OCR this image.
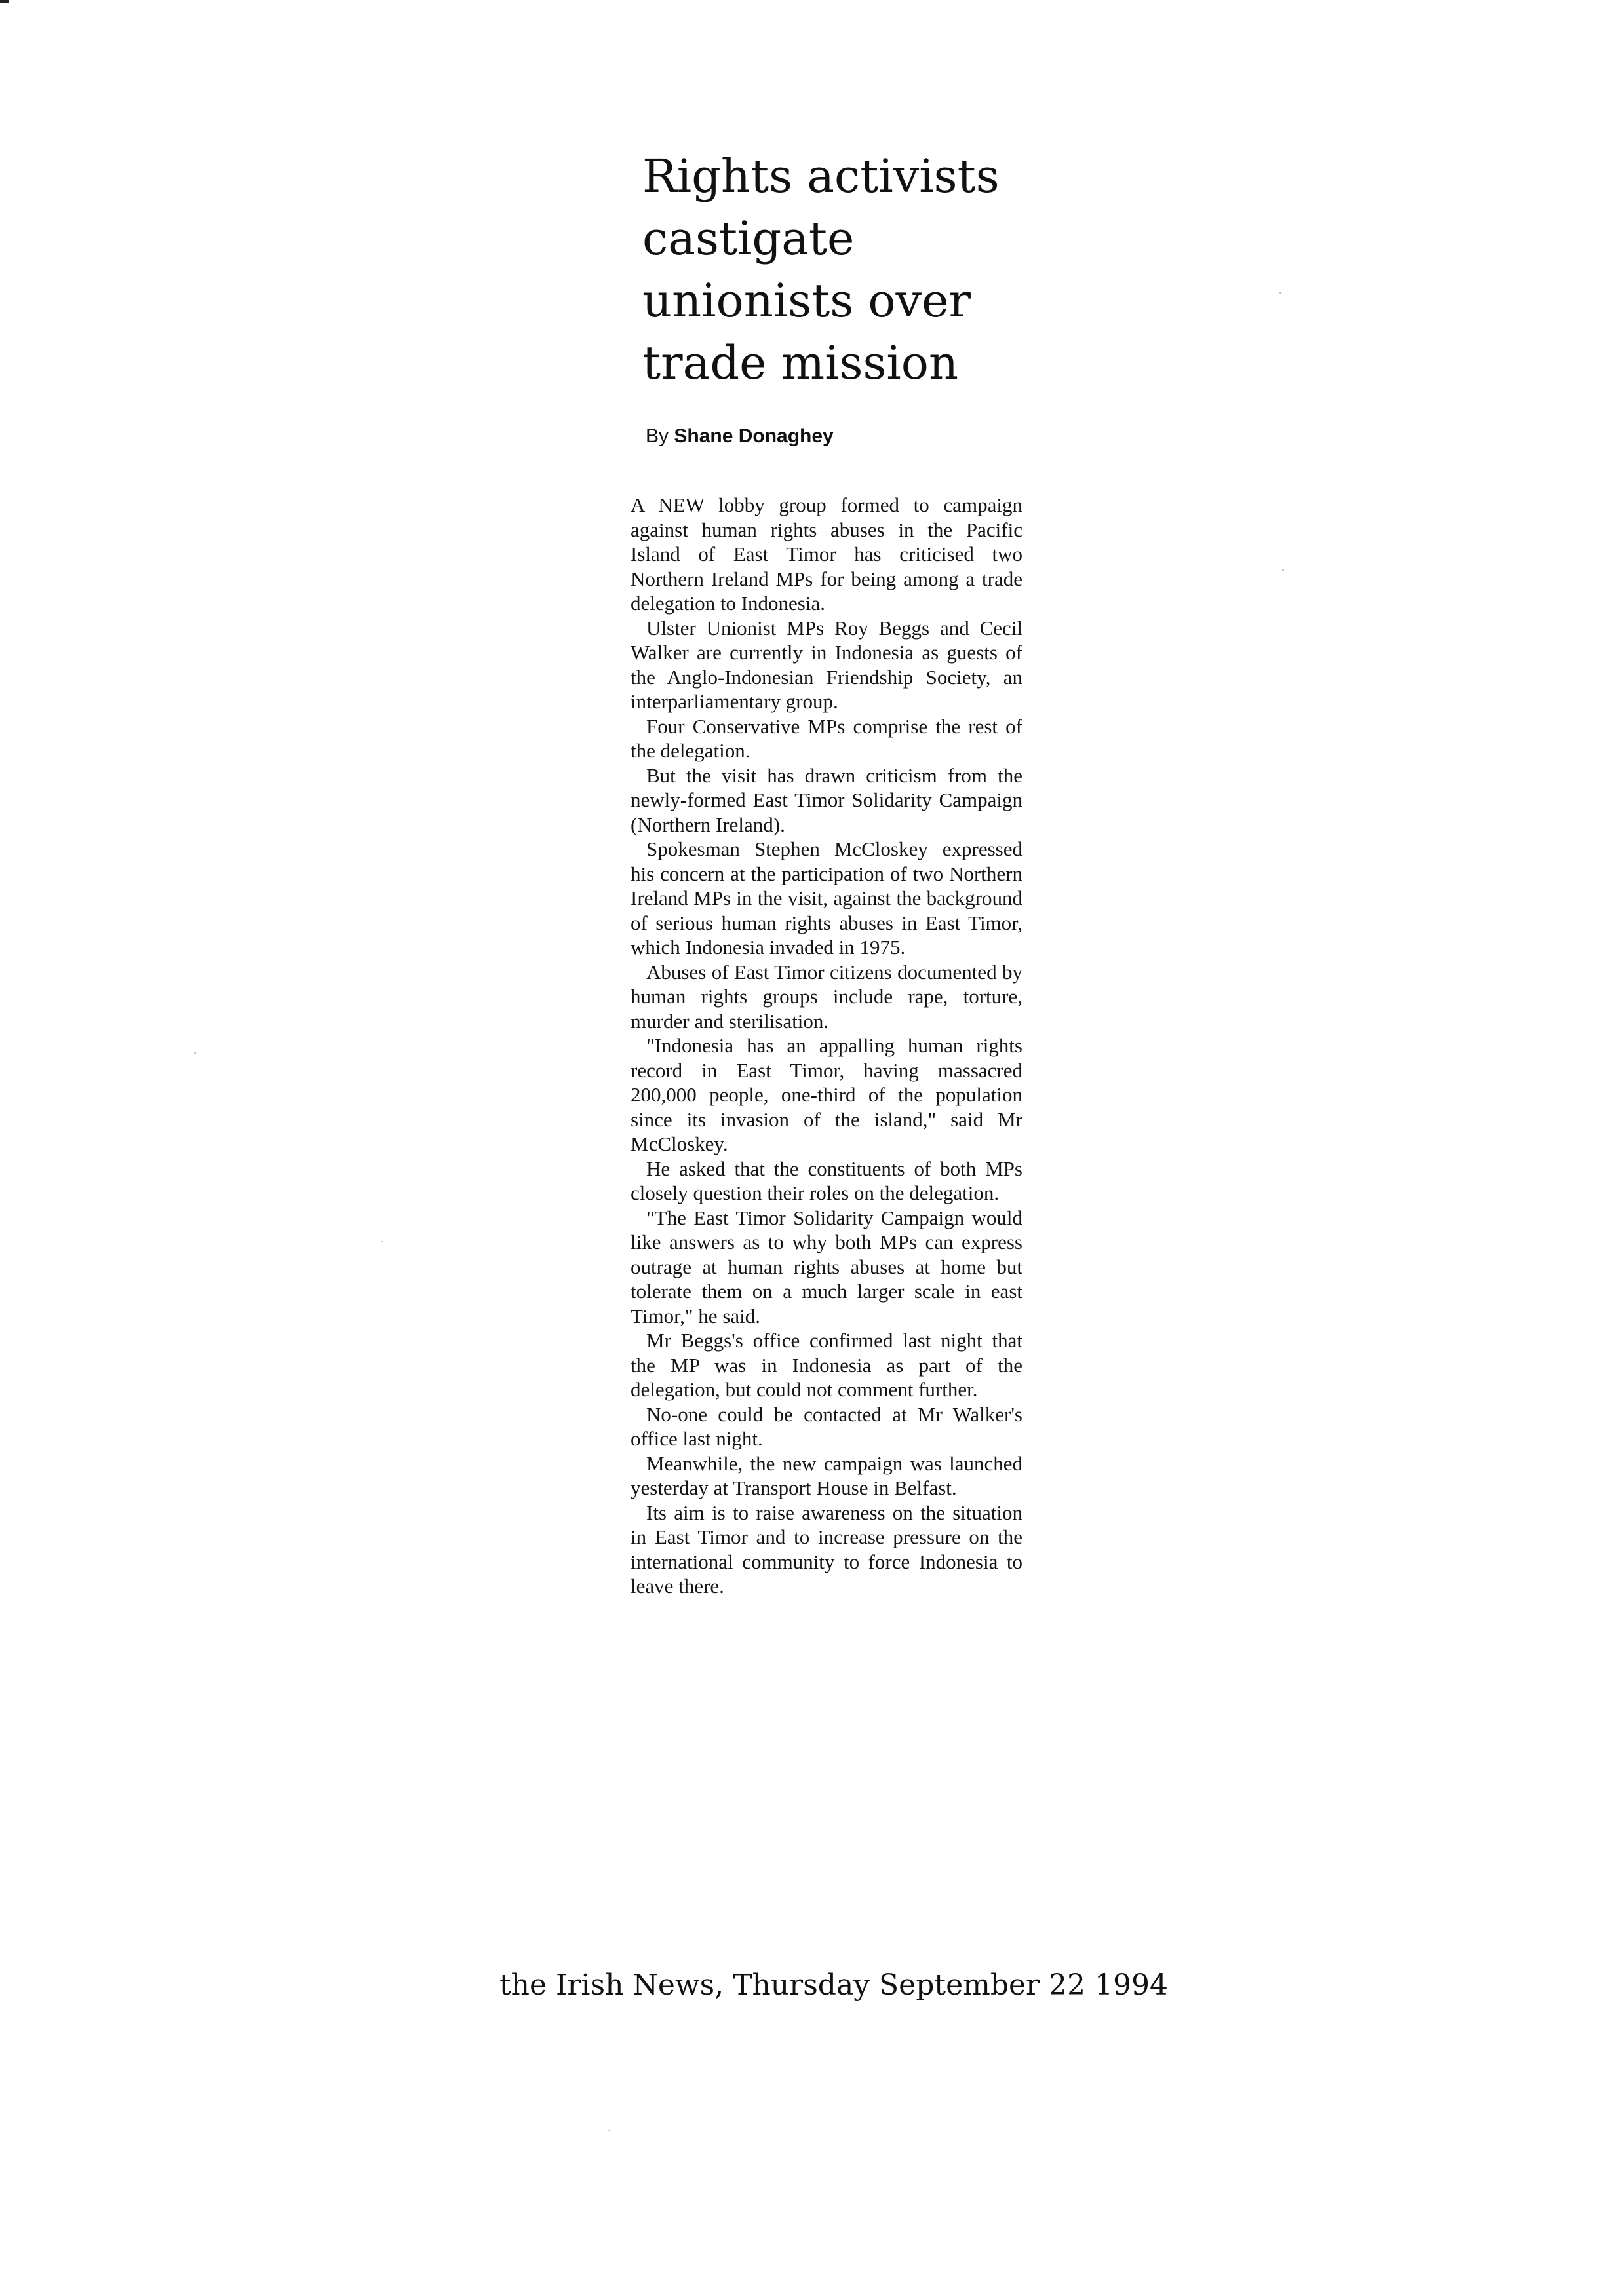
Rights activists castigate unionists over trade mission
By Shane Donaghey

A NEW lobby group formed to campaign against human rights abuses in the Pacific Island of East Timor has criticised two Northern Ireland MPs for being among a trade delegation to Indonesia.

Ulster Unionist MPs Roy Beggs and Cecil Walker are currently in Indonesia as guests of the Anglo-Indonesian Friendship Society, an interparliamentary group.

Four Conservative MPs comprise the rest of the delegation.

But the visit has drawn criticism from the newly-formed East Timor Solidarity Campaign (Northern Ireland).

Spokesman Stephen McCloskey expressed his concern at the participation of two Northern Ireland MPs in the visit, against the background of serious human rights abuses in East Timor, which Indonesia invaded in 1975.

Abuses of East Timor citizens documented by human rights groups include rape, torture, murder and sterilisation.

"Indonesia has an appalling human rights record in East Timor, having massacred 200,000 people, one-third of the population since its invasion of the island," said Mr McCloskey.

He asked that the constituents of both MPs closely question their roles on the delegation.

"The East Timor Solidarity Campaign would like answers as to why both MPs can express outrage at human rights abuses at home but tolerate them on a much larger scale in east Timor," he said.

Mr Beggs's office confirmed last night that the MP was in Indonesia as part of the delegation, but could not comment further.

No-one could be contacted at Mr Walker's office last night.

Meanwhile, the new campaign was launched yesterday at Transport House in Belfast.

Its aim is to raise awareness on the situation in East Timor and to increase pressure on the international community to force Indonesia to leave there.

the Irish News, Thursday September 22 1994
